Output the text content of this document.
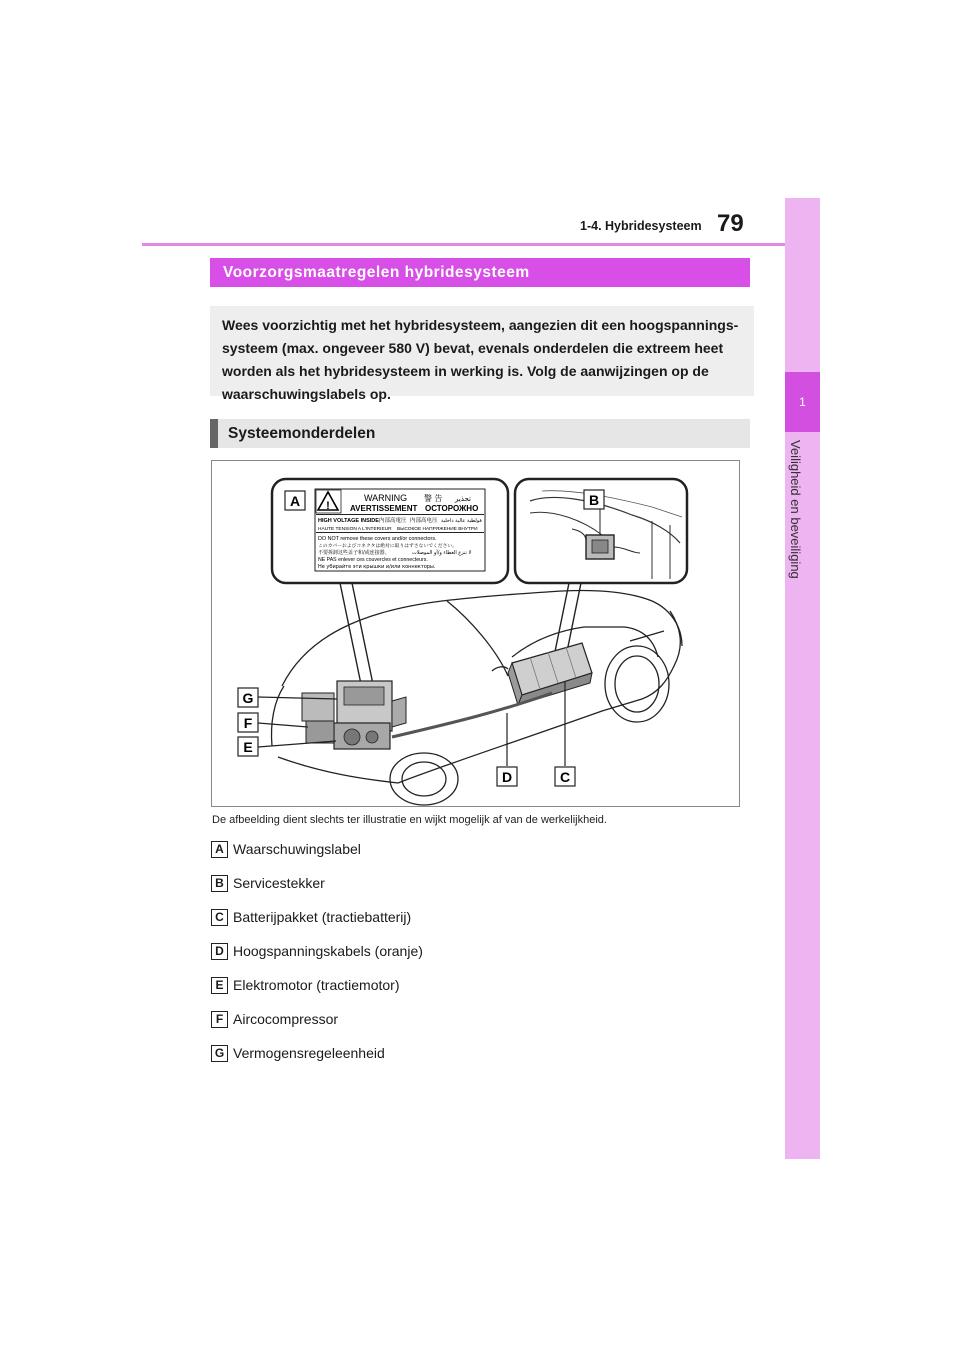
1
Veiligheid en beveiliging
1-4. Hybridesysteem 79
Voorzorgsmaatregelen hybridesysteem
Wees voorzichtig met het hybridesysteem, aangezien dit een hoogspannings-
systeem (max. ongeveer 580 V) bevat, evenals onderdelen die extreem heet
worden als het hybridesysteem in werking is. Volg de aanwijzingen op de
waarschuwingslabels op.
Systeemonderdelen
!
WARNING 警 告 تحذير
AVERTISSEMENT ОСТОРОЖНО
HIGH VOLTAGE INSIDE 内部高電圧 内部高电压 فولطية عالية داخلية
HAUTE TENSION A L'INTERIEUR ВЫСОКОЕ НАПРЯЖЕНИЕ ВНУТРИ
DO NOT remove these covers and/or connectors.
このカバーおよびコネクタは絶対に取りはずさないでください。
不要拆卸这些盖子和/或连接器。	لا تنزع الغطاء و/أو الموصلات
NE PAS enlever ces couvercles et connecteurs.
Не убирайте эти крышки и/или коннекторы.
A	B
G
F
E
D	C
De afbeelding dient slechts ter illustratie en wijkt mogelijk af van de werkelijkheid.
A Waarschuwingslabel
B Servicestekker
C Batterijpakket (tractiebatterij)
D Hoogspanningskabels (oranje)
E Elektromotor (tractiemotor)
F Aircocompressor
G Vermogensregeleenheid
